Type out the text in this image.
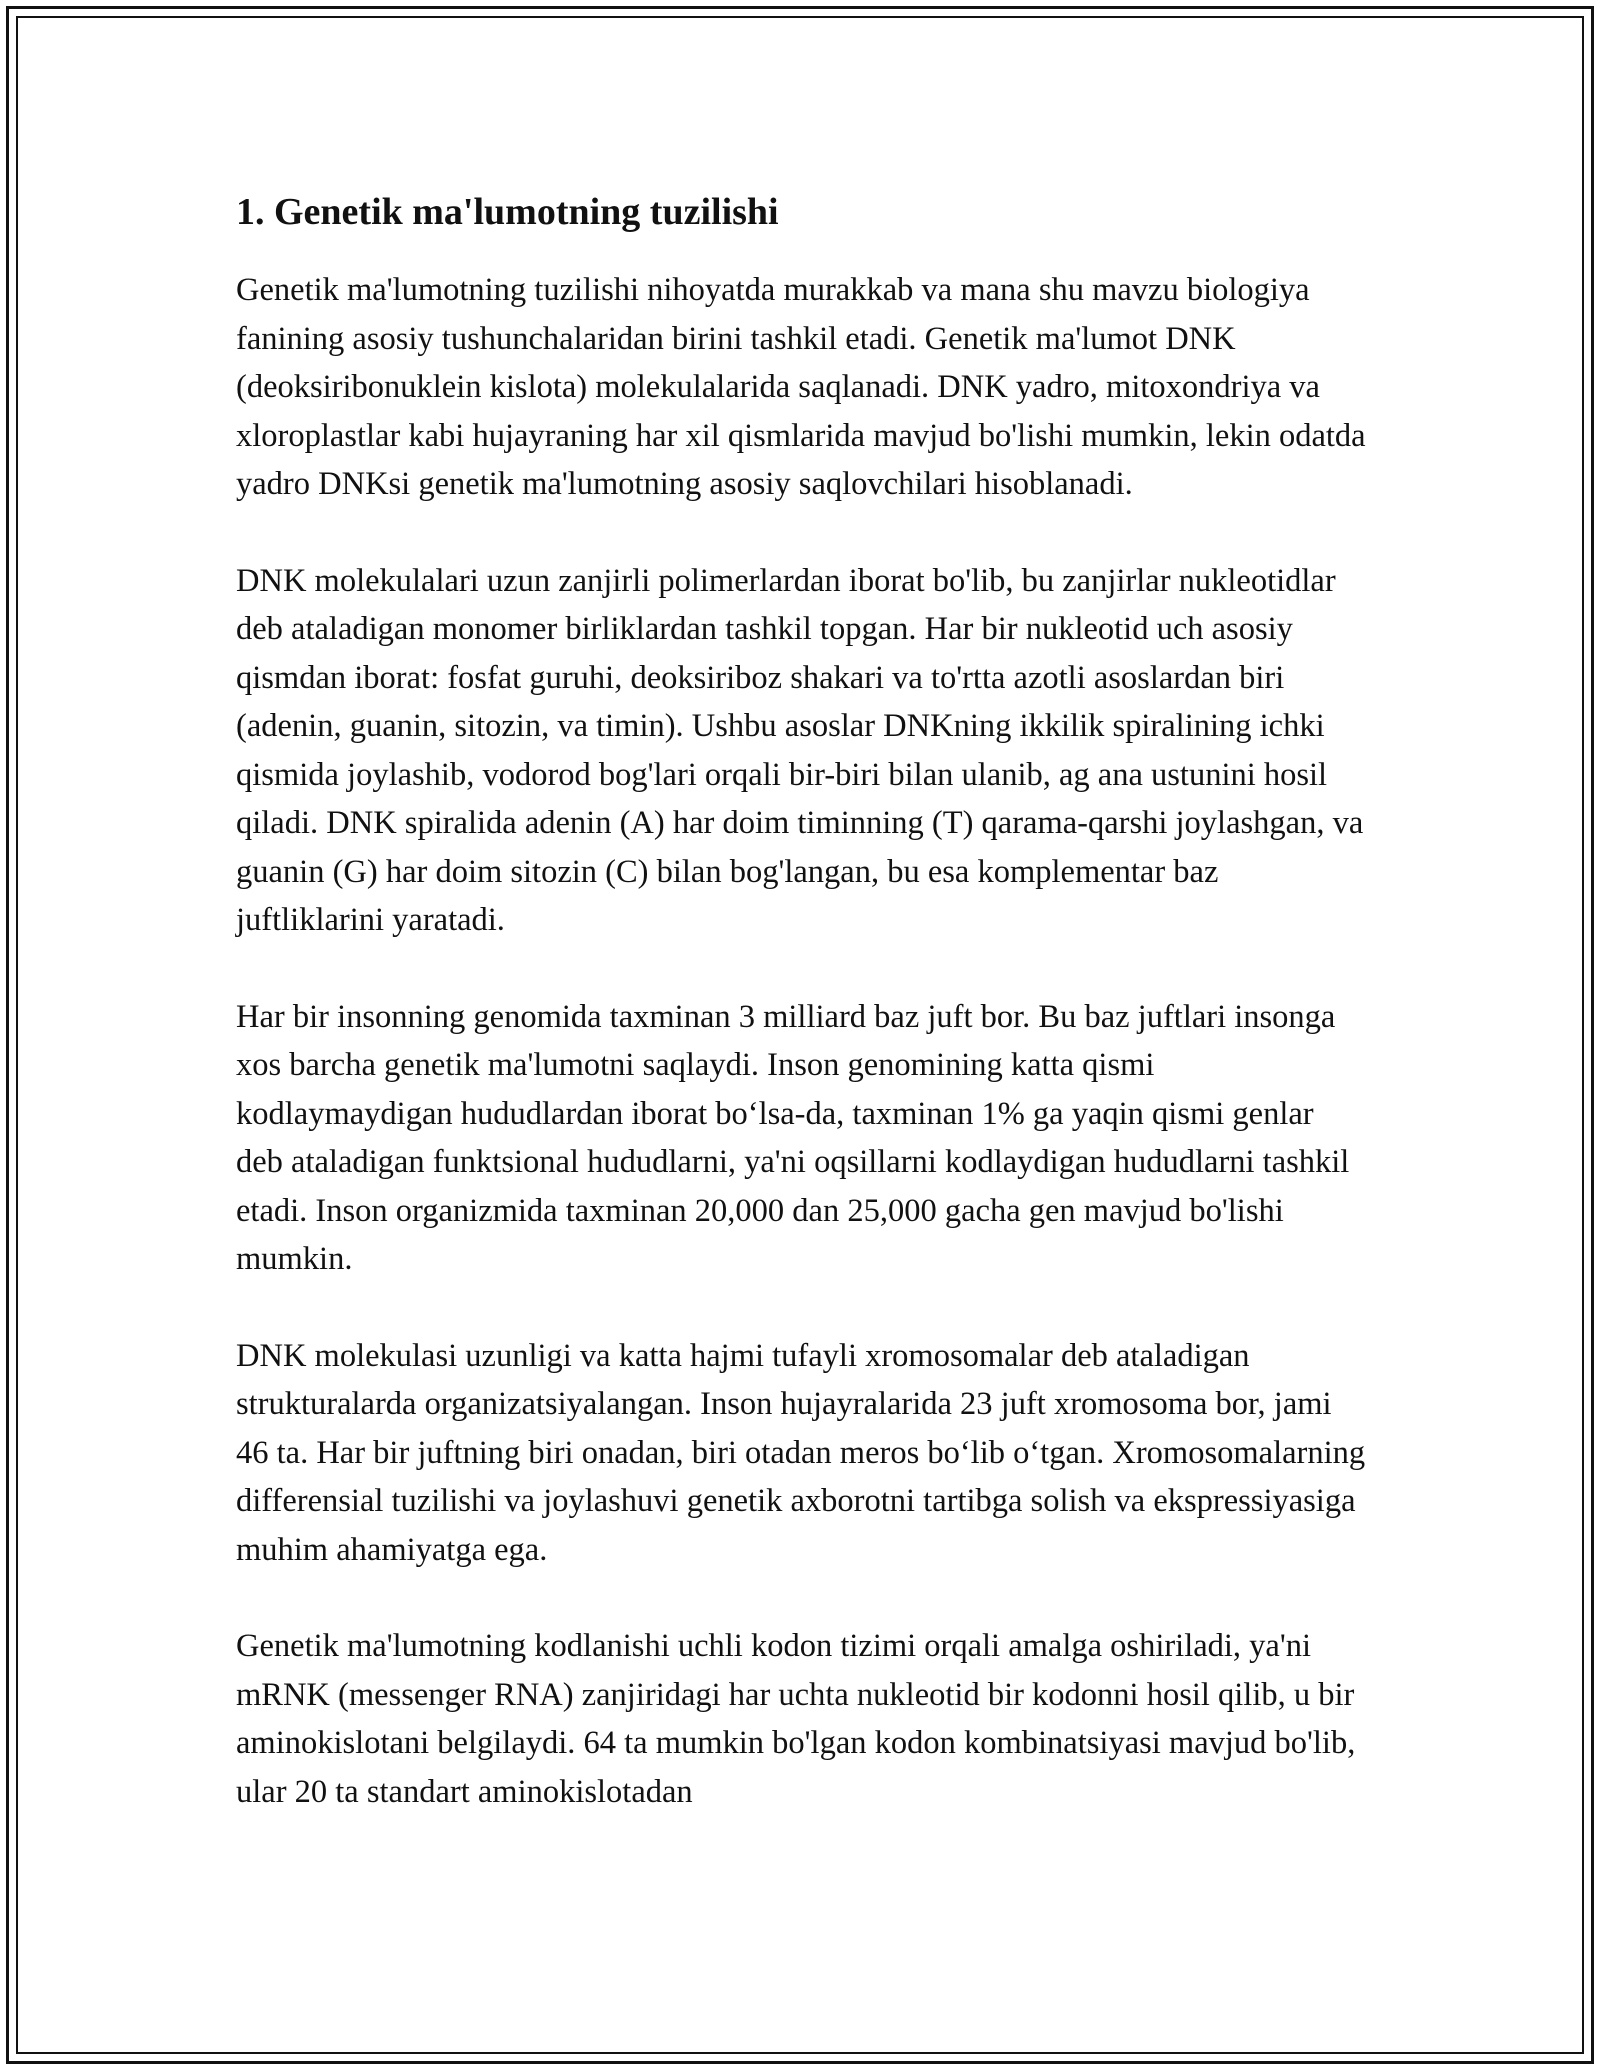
1. Genetik ma'lumotning tuzilishi

Genetik ma'lumotning tuzilishi nihoyatda murakkab va mana shu mavzu biologiya fanining asosiy tushunchalaridan birini tashkil etadi. Genetik ma'lumot DNK (deoksiribonuklein kislota) molekulalarida saqlanadi. DNK yadro, mitoxondriya va xloroplastlar kabi hujayraning har xil qismlarida mavjud bo'lishi mumkin, lekin odatda yadro DNKsi genetik ma'lumotning asosiy saqlovchilari hisoblanadi.

DNK molekulalari uzun zanjirli polimerlardan iborat bo'lib, bu zanjirlar nukleotidlar deb ataladigan monomer birliklardan tashkil topgan. Har bir nukleotid uch asosiy qismdan iborat: fosfat guruhi, deoksiriboz shakari va to'rtta azotli asoslardan biri (adenin, guanin, sitozin, va timin). Ushbu asoslar DNKning ikkilik spiralining ichki qismida joylashib, vodorod bog'lari orqali bir-biri bilan ulanib, ag ana ustunini hosil qiladi. DNK spiralida adenin (A) har doim timinning (T) qarama-qarshi joylashgan, va guanin (G) har doim sitozin (C) bilan bog'langan, bu esa komplementar baz juftliklarini yaratadi.

Har bir insonning genomida taxminan 3 milliard baz juft bor. Bu baz juftlari insonga xos barcha genetik ma'lumotni saqlaydi. Inson genomining katta qismi kodlaymaydigan hududlardan iborat boʻlsa-da, taxminan 1% ga yaqin qismi genlar deb ataladigan funktsional hududlarni, ya'ni oqsillarni kodlaydigan hududlarni tashkil etadi. Inson organizmida taxminan 20,000 dan 25,000 gacha gen mavjud bo'lishi mumkin.

DNK molekulasi uzunligi va katta hajmi tufayli xromosomalar deb ataladigan strukturalarda organizatsiyalangan. Inson hujayralarida 23 juft xromosoma bor, jami 46 ta. Har bir juftning biri onadan, biri otadan meros boʻlib oʻtgan. Xromosomalarning differensial tuzilishi va joylashuvi genetik axborotni tartibga solish va ekspressiyasiga muhim ahamiyatga ega.

Genetik ma'lumotning kodlanishi uchli kodon tizimi orqali amalga oshiriladi, ya'ni mRNK (messenger RNA) zanjiridagi har uchta nukleotid bir kodonni hosil qilib, u bir aminokislotani belgilaydi. 64 ta mumkin bo'lgan kodon kombinatsiyasi mavjud bo'lib, ular 20 ta standart aminokislotadan
